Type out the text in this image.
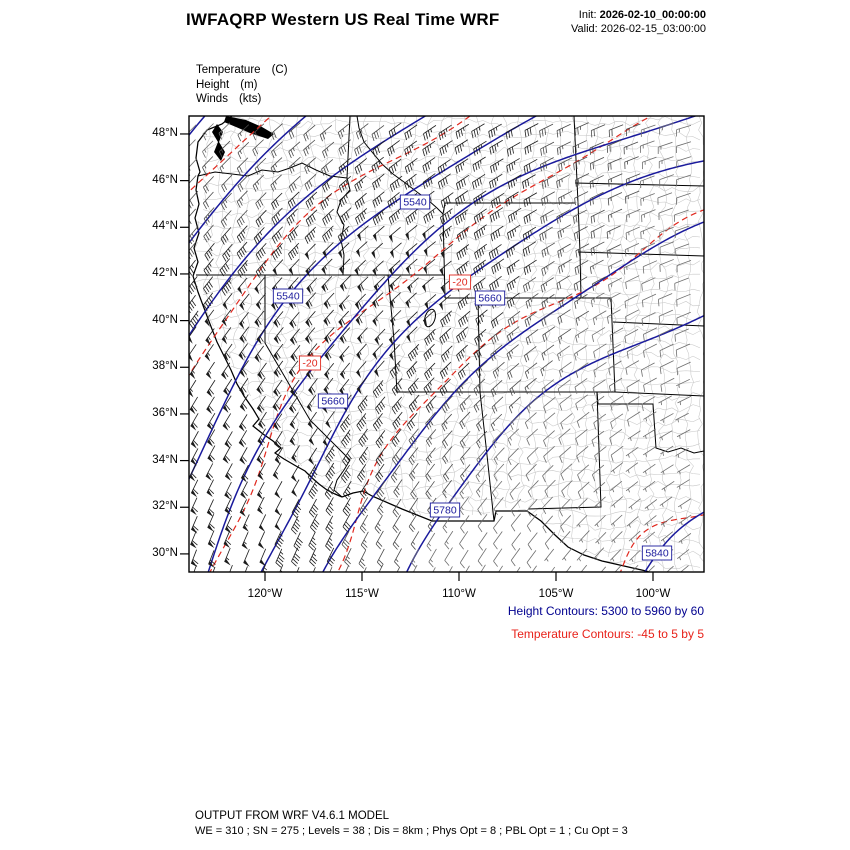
IWFAQRP Western US Real Time WRF	Init: 2026-02-10_00:00:00
Valid: 2026-02-15_03:00:00
Temperature (C)
Height (m)
Winds (kts)
48°N
46°N
44°N
42°N
40°N
38°N
36°N
34°N
32°N
30°N
120°W	115°W	110°W	105°W	100°W
Height Contours: 5300 to 5960 by 60
Temperature Contours: -45 to 5 by 5
OUTPUT FROM WRF V4.6.1 MODEL
WE = 310 ; SN = 275 ; Levels = 38 ; Dis = 8km ; Phys Opt = 8 ; PBL Opt = 1 ; Cu Opt = 3
